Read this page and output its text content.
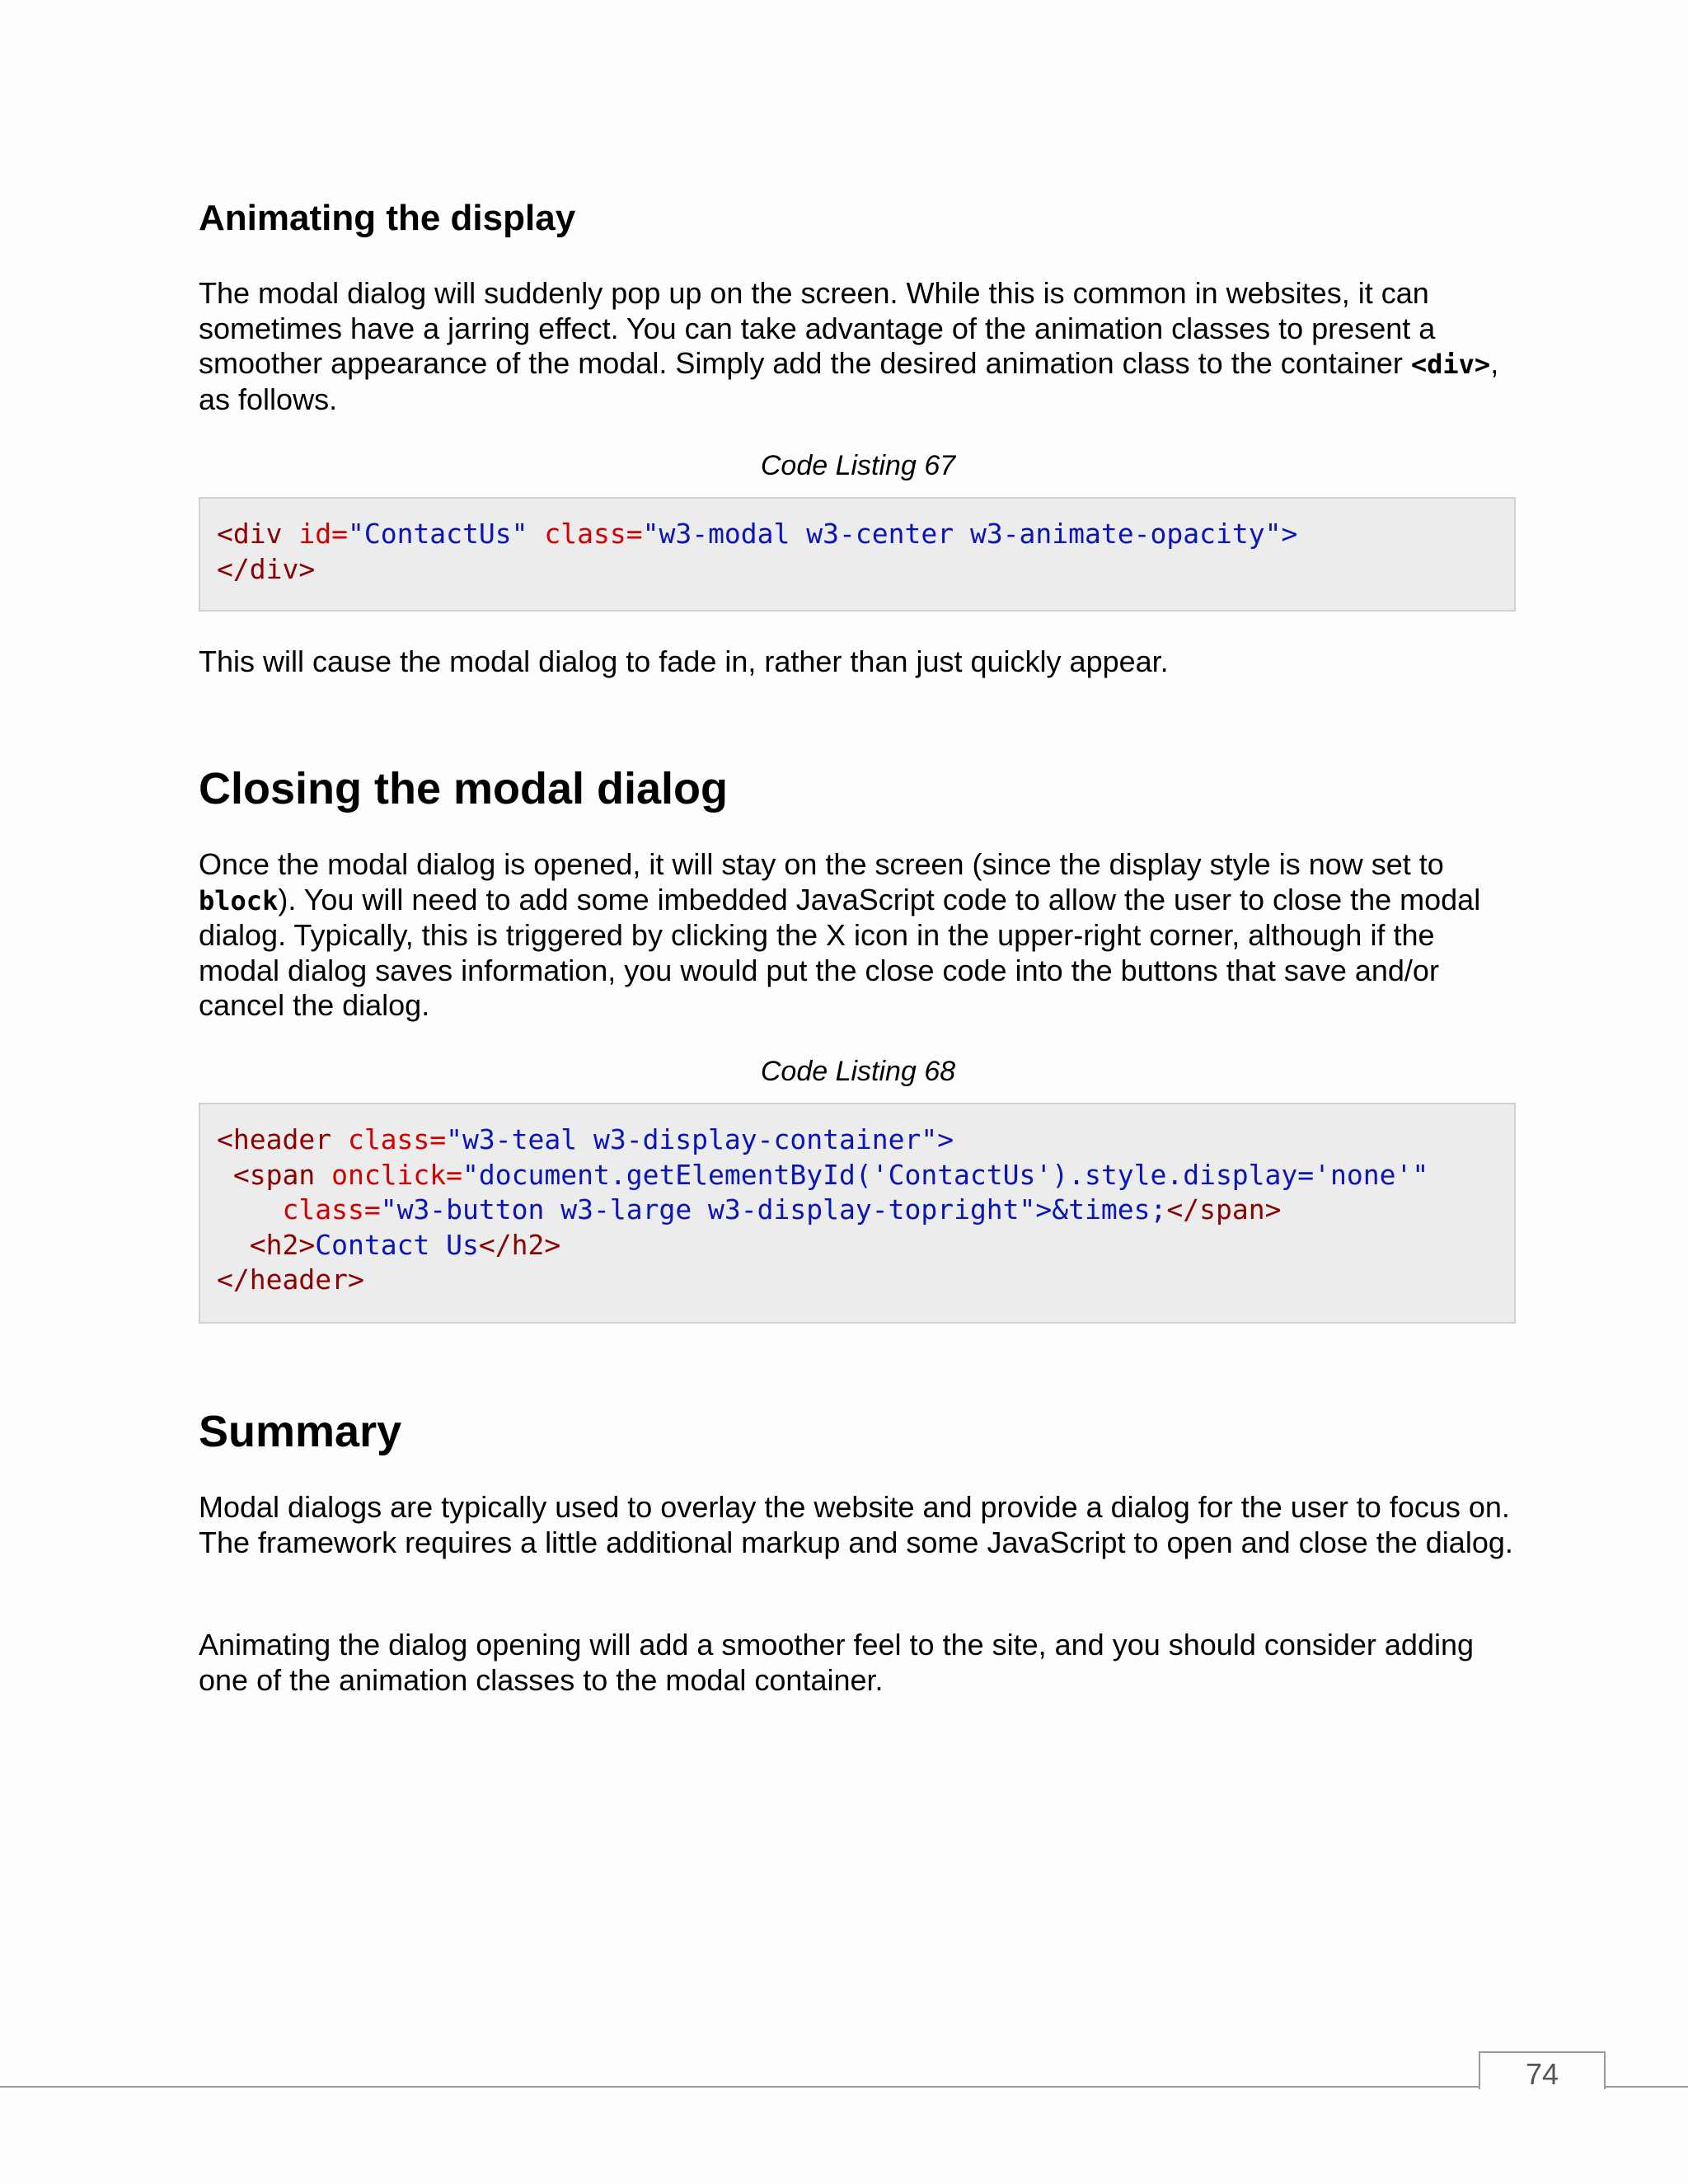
Animating the display

The modal dialog will suddenly pop up on the screen. While this is common in websites, it can sometimes have a jarring effect. You can take advantage of the animation classes to present a smoother appearance of the modal. Simply add the desired animation class to the container <div>, as follows.

Code Listing 67
<div id="ContactUs" class="w3-modal w3-center w3-animate-opacity">
</div>

This will cause the modal dialog to fade in, rather than just quickly appear.

Closing the modal dialog

Once the modal dialog is opened, it will stay on the screen (since the display style is now set to block). You will need to add some imbedded JavaScript code to allow the user to close the modal dialog. Typically, this is triggered by clicking the X icon in the upper-right corner, although if the modal dialog saves information, you would put the close code into the buttons that save and/or cancel the dialog.

Code Listing 68
<header class="w3-teal w3-display-container">
<span onclick="document.getElementById('ContactUs').style.display='none'"
class="w3-button w3-large w3-display-topright">&times;</span>
<h2>Contact Us</h2>
</header>
Summary

Modal dialogs are typically used to overlay the website and provide a dialog for the user to focus on. The framework requires a little additional markup and some JavaScript to open and close the dialog.

Animating the dialog opening will add a smoother feel to the site, and you should consider adding one of the animation classes to the modal container.

74
